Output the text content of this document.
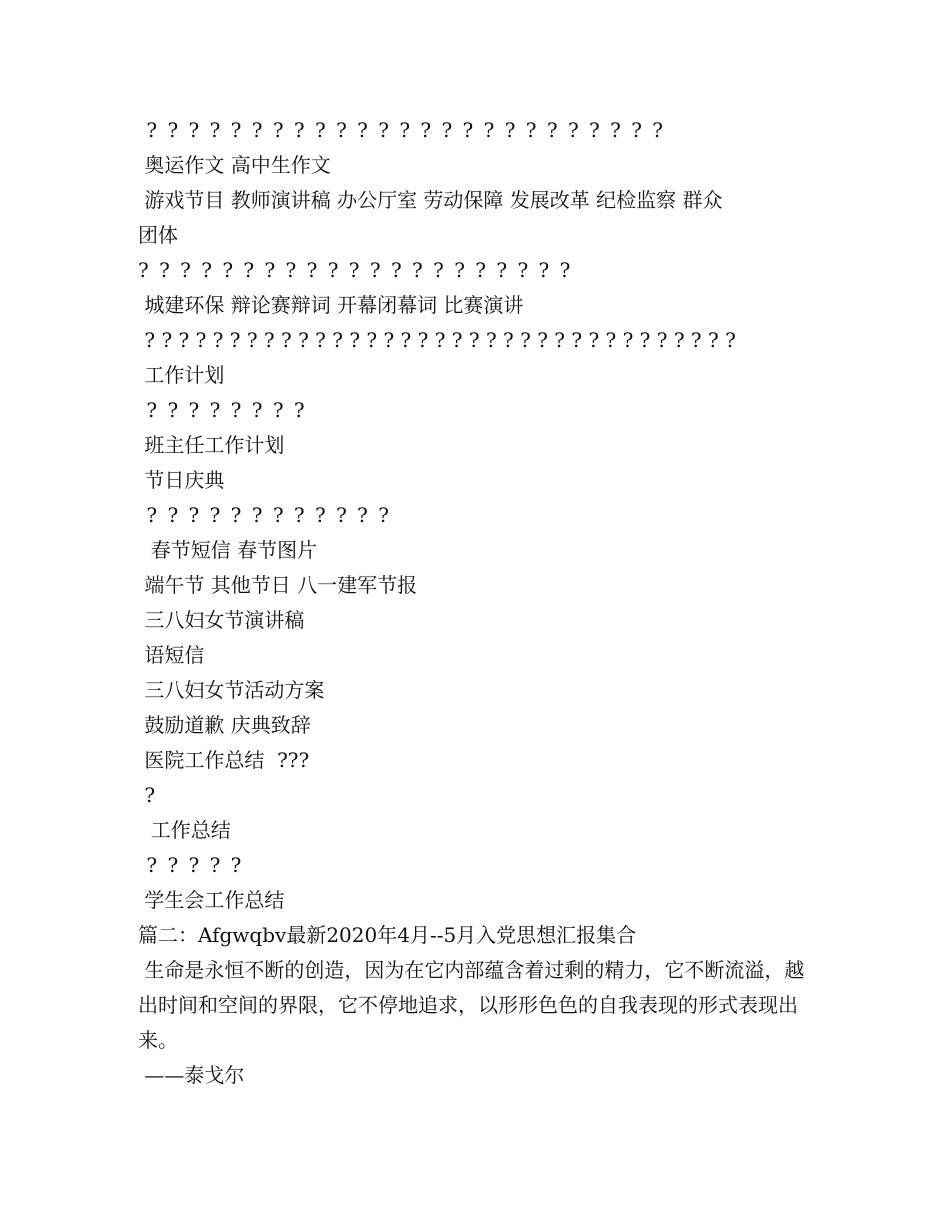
? ? ? ? ? ? ? ? ? ? ? ? ? ? ? ? ? ? ? ? ? ? ? ? ?
奥运作文 高中生作文
游戏节目 教师演讲稿 办公厅室 劳动保障 发展改革 纪检监察 群众
团体
? ? ? ? ? ? ? ? ? ? ? ? ? ? ? ? ? ? ? ? ?
城建环保 辩论赛辩词 开幕闭幕词 比赛演讲
? ? ? ? ? ? ? ? ? ? ? ? ? ? ? ? ? ? ? ? ? ? ? ? ? ? ? ? ? ? ? ? ? ? ?
工作计划
? ? ? ? ? ? ? ?
班主任工作计划
节日庆典
? ? ? ? ? ? ? ? ? ? ? ?
春节短信 春节图片
端午节 其他节日 八一建军节报
三八妇女节演讲稿
语短信
三八妇女节活动方案
鼓励道歉 庆典致辞
医院工作总结  ???
?
工作总结
? ? ? ? ?
学生会工作总结
篇二：Afgwqbv最新2020年4月--5月入党思想汇报集合
生命是永恒不断的创造，因为在它内部蕴含着过剩的精力，它不断流溢，越出时间和空间的界限，它不停地追求，以形形色色的自我表现的形式表现出来。
——泰戈尔
